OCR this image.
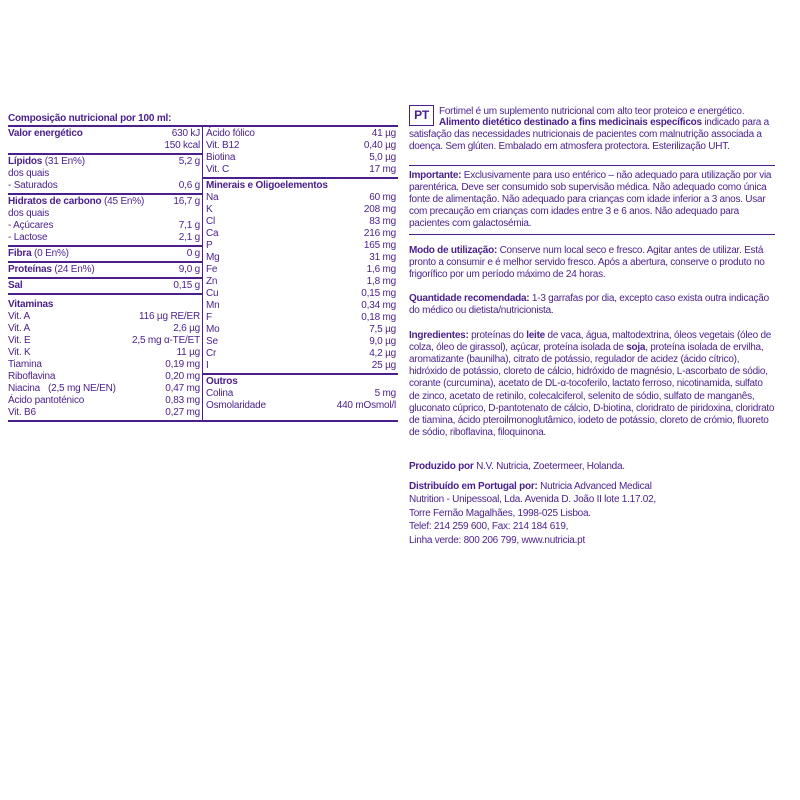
Composição nutricional por 100 ml:
Valor energético	630 kJ
150 kcal
Lípidos (31 En%)	5,2 g
dos quais
- Saturados	0,6 g
Hidratos de carbono (45 En%)	16,7 g
dos quais
- Açúcares	7,1 g
- Lactose	2,1 g
Fibra (0 En%)	0 g
Proteínas (24 En%)	9,0 g
Sal	0,15 g
Vitaminas
Vit. A	116 µg RE/ER
Vit. A	2,6 µg
Vit. E	2,5 mg α-TE/ET
Vit. K	11 µg
Tiamina	0,19 mg
Riboflavina	0,20 mg
Niacina (2,5 mg NE/EN)	0,47 mg
Ácido pantoténico	0,83 mg
Vit. B6	0,27 mg
Ácido fólico	41 µg
Vit. B12	0,40 µg
Biotina	5,0 µg
Vit. C	17 mg
Minerais e Oligoelementos
Na	60 mg
K	208 mg
Cl	83 mg
Ca	216 mg
P	165 mg
Mg	31 mg
Fe	1,6 mg
Zn	1,8 mg
Cu	0,15 mg
Mn	0,34 mg
F	0,18 mg
Mo	7,5 µg
Se	9,0 µg
Cr	4,2 µg
I	25 µg
Outros
Colina	5 mg
Osmolaridade	440 mOsmol/l
PT	Fortimel é um suplemento nutricional com alto teor proteico e energético.
Alimento dietético destinado a fins medicinais específicos indicado para a satisfação das necessidades nutricionais de pacientes com malnutrição associada a doença. Sem glúten. Embalado em atmosfera protectora. Esterilização UHT.
Importante: Exclusivamente para uso entérico – não adequado para utilização por via parentérica. Deve ser consumido sob supervisão médica. Não adequado como única fonte de alimentação. Não adequado para crianças com idade inferior a 3 anos. Usar com precaução em crianças com idades entre 3 e 6 anos. Não adequado para pacientes com galactosémia.
Modo de utilização: Conserve num local seco e fresco. Agitar antes de utilizar. Está pronto a consumir e é melhor servido fresco. Após a abertura, conserve o produto no frigorífico por um período máximo de 24 horas.
Quantidade recomendada: 1-3 garrafas por dia, excepto caso exista outra indicação do médico ou dietista/nutricionista.
Ingredientes: proteínas do leite de vaca, água, maltodextrina, óleos vegetais (óleo de colza, óleo de girassol), açúcar, proteína isolada de soja, proteína isolada de ervilha, aromatizante (baunilha), citrato de potássio, regulador de acidez (ácido cítrico), hidróxido de potássio, cloreto de cálcio, hidróxido de magnésio, L-ascorbato de sódio, corante (curcumina), acetato de DL-α-tocoferilo, lactato ferroso, nicotinamida, sulfato de zinco, acetato de retinilo, colecalciferol, selenito de sódio, sulfato de manganês, gluconato cúprico, D-pantotenato de cálcio, D-biotina, cloridrato de piridoxina, cloridrato de tiamina, ácido pteroilmonoglutâmico, iodeto de potássio, cloreto de crómio, fluoreto de sódio, riboflavina, filoquinona.
Produzido por N.V. Nutricia, Zoetermeer, Holanda.
Distribuído em Portugal por: Nutricia Advanced Medical
Nutrition - Unipessoal, Lda. Avenida D. João II lote 1.17.02,
Torre Fernão Magalhães, 1998-025 Lisboa.
Telef: 214 259 600, Fax: 214 184 619,
Linha verde: 800 206 799, www.nutricia.pt
